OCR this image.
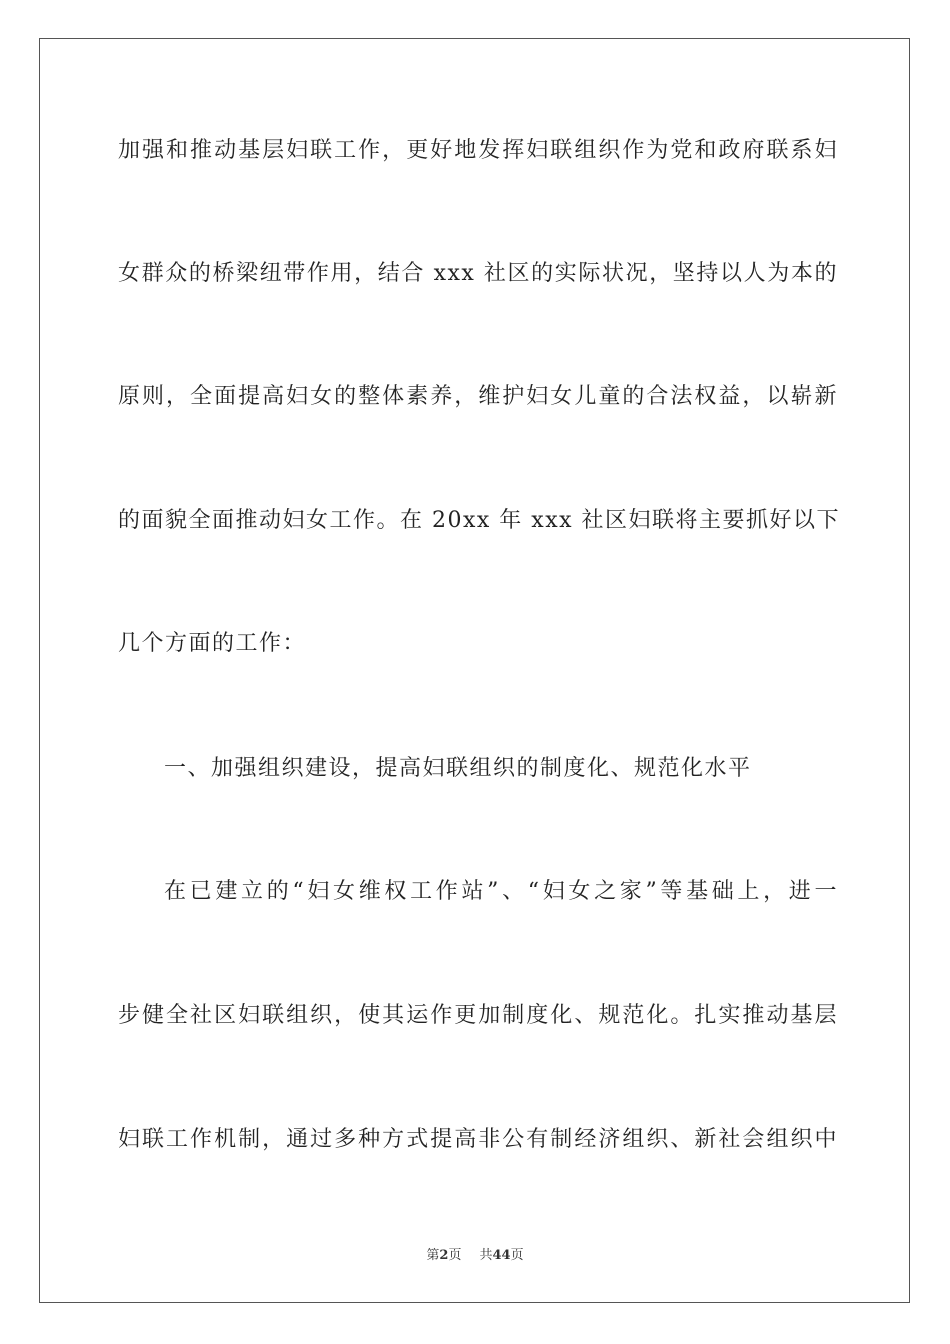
加强和推动基层妇联工作，更好地发挥妇联组织作为党和政府联系妇
女群众的桥梁纽带作用，结合 xxx 社区的实际状况，坚持以人为本的
原则，全面提高妇女的整体素养，维护妇女儿童的合法权益，以崭新
的面貌全面推动妇女工作。在 20xx 年 xxx 社区妇联将主要抓好以下
几个方面的工作：
一、加强组织建设，提高妇联组织的制度化、规范化水平
在已建立的“妇女维权工作站”、“妇女之家”等基础上，进一
步健全社区妇联组织，使其运作更加制度化、规范化。扎实推动基层
妇联工作机制，通过多种方式提高非公有制经济组织、新社会组织中
第2页 共44页
